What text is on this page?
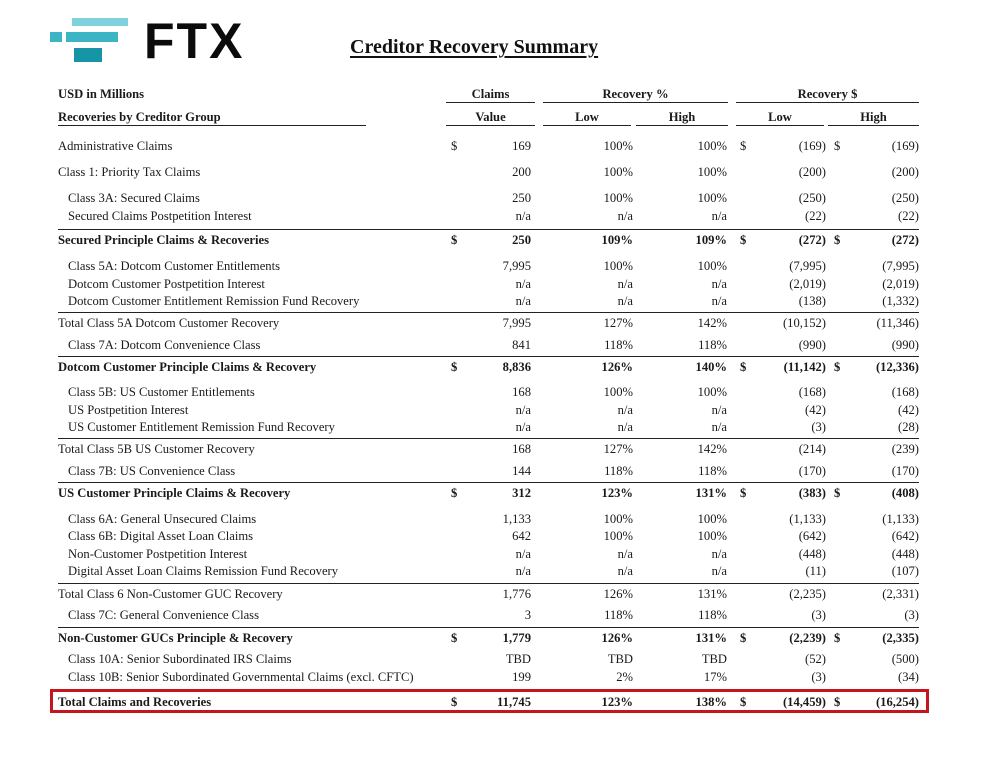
FTX	Creditor Recovery Summary
USD in Millions	Claims	Recovery %	Recovery $
Recoveries by Creditor Group	Value	Low	High	Low	High
Administrative Claims	$	169	100%	100% $	(169) $	(169)
Class 1: Priority Tax Claims	200	100%	100%	(200)	(200)
Class 3A: Secured Claims	250	100%	100%	(250)	(250)
Secured Claims Postpetition Interest	n/a	n/a	n/a	(22)	(22)
Secured Principle Claims & Recoveries	$	250	109%	109% $	(272) $	(272)
Class 5A: Dotcom Customer Entitlements	7,995	100%	100%	(7,995)	(7,995)
Dotcom Customer Postpetition Interest	n/a	n/a	n/a	(2,019)	(2,019)
Dotcom Customer Entitlement Remission Fund Recovery	n/a	n/a	n/a	(138)	(1,332)
Total Class 5A Dotcom Customer Recovery	7,995	127%	142%	(10,152)	(11,346)
Class 7A: Dotcom Convenience Class	841	118%	118%	(990)	(990)
Dotcom Customer Principle Claims & Recovery	$	8,836	126%	140% $	(11,142) $	(12,336)
Class 5B: US Customer Entitlements	168	100%	100%	(168)	(168)
US Postpetition Interest	n/a	n/a	n/a	(42)	(42)
US Customer Entitlement Remission Fund Recovery	n/a	n/a	n/a	(3)	(28)
Total Class 5B US Customer Recovery	168	127%	142%	(214)	(239)
Class 7B: US Convenience Class	144	118%	118%	(170)	(170)
US Customer Principle Claims & Recovery	$	312	123%	131% $	(383) $	(408)
Class 6A: General Unsecured Claims	1,133	100%	100%	(1,133)	(1,133)
Class 6B: Digital Asset Loan Claims	642	100%	100%	(642)	(642)
Non-Customer Postpetition Interest	n/a	n/a	n/a	(448)	(448)
Digital Asset Loan Claims Remission Fund Recovery	n/a	n/a	n/a	(11)	(107)
Total Class 6 Non-Customer GUC Recovery	1,776	126%	131%	(2,235)	(2,331)
Class 7C: General Convenience Class	3	118%	118%	(3)	(3)
Non-Customer GUCs Principle & Recovery	$	1,779	126%	131% $	(2,239) $	(2,335)
Class 10A: Senior Subordinated IRS Claims	TBD	TBD	TBD	(52)	(500)
Class 10B: Senior Subordinated Governmental Claims (excl. CFTC)	199	2%	17%	(3)	(34)
Total Claims and Recoveries	$	11,745	123%	138% $	(14,459) $	(16,254)
